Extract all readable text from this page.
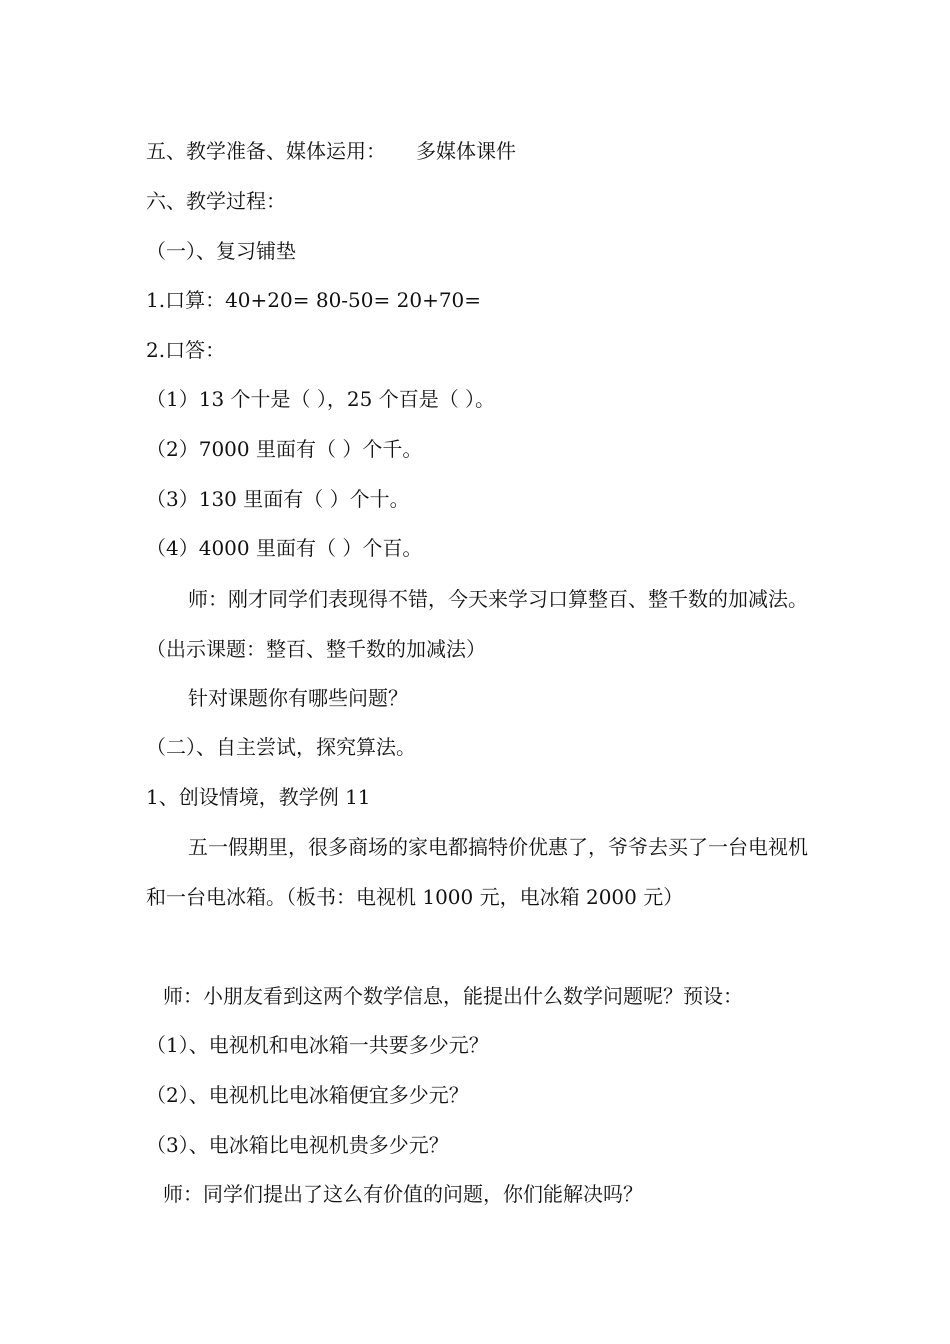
五、教学准备、媒体运用： 多媒体课件
六、教学过程：
（一）、复习铺垫
1.口算：40+20= 80-50= 20+70=
2.口答：
（1）13 个十是（ ），25 个百是（ ）。
（2）7000 里面有（ ）个千。
（3）130 里面有（ ）个十。
（4）4000 里面有（ ）个百。
师：刚才同学们表现得不错，今天来学习口算整百、整千数的加减法。（出示课题：整百、整千数的加减法）
针对课题你有哪些问题？
（二）、自主尝试，探究算法。
1、创设情境，教学例 11
五一假期里，很多商场的家电都搞特价优惠了，爷爷去买了一台电视机和一台电冰箱。（板书：电视机 1000 元，电冰箱 2000 元）
师：小朋友看到这两个数学信息，能提出什么数学问题呢？预设：
（1）、电视机和电冰箱一共要多少元？
（2）、电视机比电冰箱便宜多少元？
（3）、电冰箱比电视机贵多少元？
师：同学们提出了这么有价值的问题，你们能解决吗？
